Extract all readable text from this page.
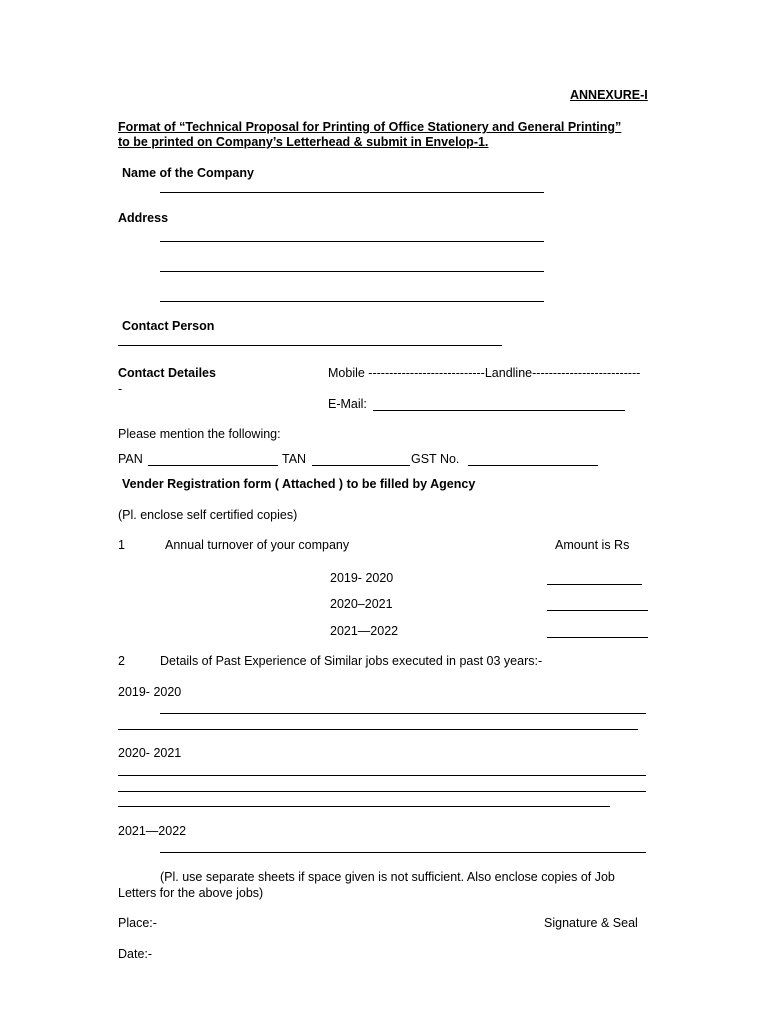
ANNEXURE-I
Format of “Technical Proposal for Printing of Office Stationery and General Printing”
to be printed on Company’s Letterhead & submit in Envelop-1.
Name of the Company
Address
Contact Person
Contact Detailes
-
Mobile ----------------------------Landline--------------------------
E-Mail:
Please mention the following:
PAN	TAN	GST No.
Vender Registration form ( Attached ) to be filled by Agency
(Pl. enclose self certified copies)
1	Annual turnover of your company	Amount is Rs
2019- 2020
2020–2021
2021—2022
2	Details of Past Experience of Similar jobs executed in past 03 years:-
2019- 2020
2020- 2021
2021—2022
(Pl. use separate sheets if space given is not sufficient. Also enclose copies of Job
Letters for the above jobs)
Place:-	Signature & Seal
Date:-
